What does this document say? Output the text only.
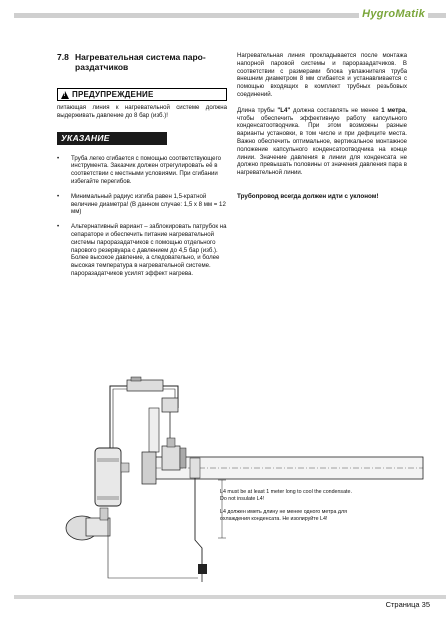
HygroMatik
7.8 Нагревательная система паро-раздатчиков
! ПРЕДУПРЕЖДЕНИЕ

питающая линия к нагревательной системе должна выдерживать давление до 8 бар (изб.)!

УКАЗАНИЕ
•	Труба легко сгибается с помощью соответствующего инструмента. Заказчик должен отрегулировать её в соответствии с местными условиями. При сгибании избегайте перегибов.
•	Минимальный радиус изгиба равен 1,5-кратной величине диаметра! (В данном случае: 1,5 х 8 мм = 12 мм)
•	Альтернативный вариант – заблокировать патрубок на сепараторе и обеспечить питание нагревательной системы пароразадатчиков с помощью отдельного парового резервуара с давлением до 4,5 бар (изб.). Более высокое давление, а следовательно, и более высокая температура в нагревательной системе. пароразадатчиков усилят эффект нагрева.

Нагревательная линия прокладывается после монтажа напорной паровой системы и пароразадатчиков. В соответствии с размерами блока увлажнителя труба внешним диаметром 8 мм сгибается и устанавливается с помощью входящих в комплект трубных резьбовых соединений.

Длина трубы "L4" должна составлять не менее 1 метра, чтобы обеспечить эффективную работу капсульного конденсатоотводчика. При этом возможны разные варианты установки, в том числе и при дефиците места. Важно обеспечить оптимальное, вертикальное монтажное положение капсульного конденсатоотводчика на конце линии. Значение давления в линии для конденсата не должно превышать половины от значения давления пара в нагревательной линии.

Трубопровод всегда должен идти с уклоном!

L4 must be at least 1 meter long to cool the condensate.
Do not insulate L4!
L4 должен иметь длину не менее одного метра для
охлаждения конденсата. Не изолируйте L4!
Страница 35
